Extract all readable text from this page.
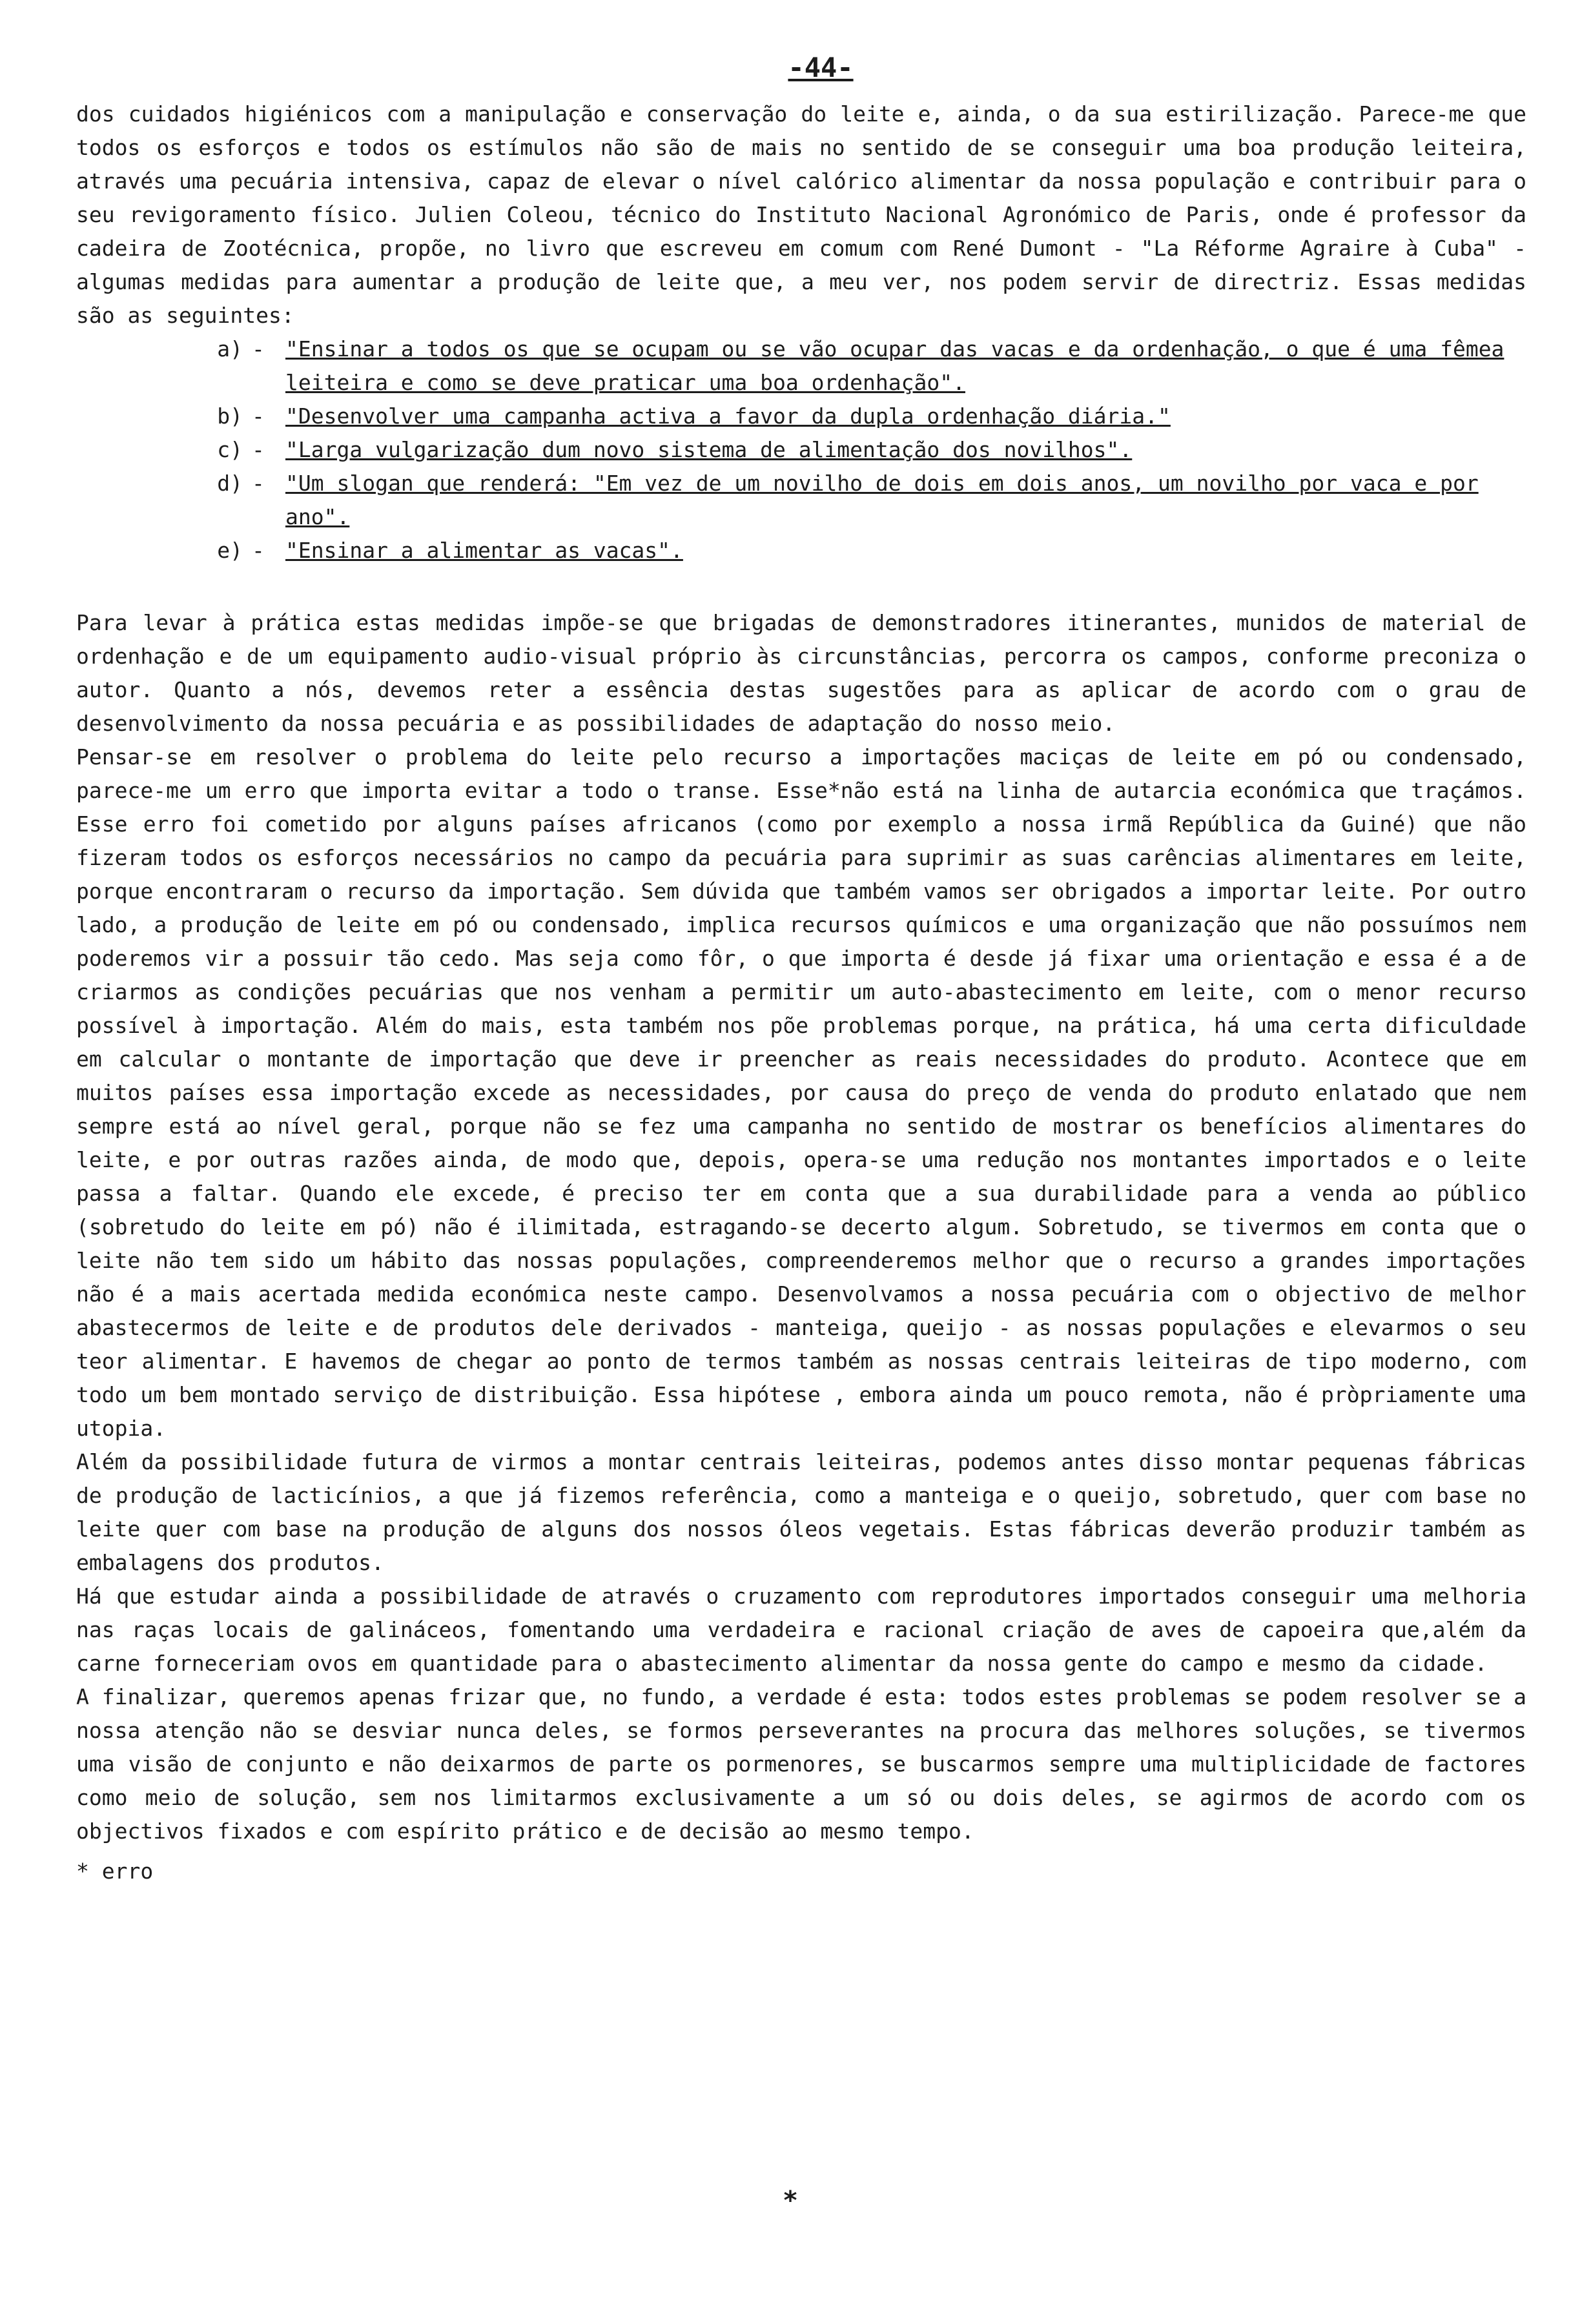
-44-

dos cuidados higiénicos com a manipulação e conservação do leite e, ainda, o da sua estirilização. Parece-me que todos os esforços e todos os estímulos não são de mais no sentido de se conseguir uma boa produção leiteira, através uma pecuária intensiva, capaz de elevar o nível calórico alimentar da nossa população e contribuir para o seu revigoramento físico. Julien Coleou, técnico do Instituto Nacional Agronómico de Paris, onde é professor da cadeira de Zootécnica, propõe, no livro que escreveu em comum com René Dumont - "La Réforme Agraire à Cuba" - algumas medidas para aumentar a produção de leite que, a meu ver, nos podem servir de directriz. Essas medidas são as seguintes:

a) - "Ensinar a todos os que se ocupam ou se vão ocupar das vacas e da ordenhação, o que é uma fêmea leiteira e como se deve praticar uma boa ordenhação".
b) - "Desenvolver uma campanha activa a favor da dupla ordenhação diária."
c) - "Larga vulgarização dum novo sistema de alimentação dos novilhos".
d) - "Um slogan que renderá: "Em vez de um novilho de dois em dois anos, um novilho por vaca e por ano".
e) - "Ensinar a alimentar as vacas".

Para levar à prática estas medidas impõe-se que brigadas de demonstradores itinerantes, munidos de material de ordenhação e de um equipamento audio-visual próprio às circunstâncias, percorra os campos, conforme preconiza o autor. Quanto a nós, devemos reter a essência destas sugestões para as aplicar de acordo com o grau de desenvolvimento da nossa pecuária e as possibilidades de adaptação do nosso meio.

Pensar-se em resolver o problema do leite pelo recurso a importações maciças de leite em pó ou condensado, parece-me um erro que importa evitar a todo o transe. Esse*não está na linha de autarcia económica que traçámos. Esse erro foi cometido por alguns países africanos (como por exemplo a nossa irmã República da Guiné) que não fizeram todos os esforços necessários no campo da pecuária para suprimir as suas carências alimentares em leite, porque encontraram o recurso da importação. Sem dúvida que também vamos ser obrigados a importar leite. Por outro lado, a produção de leite em pó ou condensado, implica recursos químicos e uma organização que não possuímos nem poderemos vir a possuir tão cedo. Mas seja como fôr, o que importa é desde já fixar uma orientação e essa é a de criarmos as condições pecuárias que nos venham a permitir um auto-abastecimento em leite, com o menor recurso possível à importação. Além do mais, esta também nos põe problemas porque, na prática, há uma certa dificuldade em calcular o montante de importação que deve ir preencher as reais necessidades do produto. Acontece que em muitos países essa importação excede as necessidades, por causa do preço de venda do produto enlatado que nem sempre está ao nível geral, porque não se fez uma campanha no sentido de mostrar os benefícios alimentares do leite, e por outras razões ainda, de modo que, depois, opera-se uma redução nos montantes importados e o leite passa a faltar. Quando ele excede, é preciso ter em conta que a sua durabilidade para a venda ao público (sobretudo do leite em pó) não é ilimitada, estragando-se decerto algum. Sobretudo, se tivermos em conta que o leite não tem sido um hábito das nossas populações, compreenderemos melhor que o recurso a grandes importações não é a mais acertada medida económica neste campo. Desenvolvamos a nossa pecuária com o objectivo de melhor abastecermos de leite e de produtos dele derivados - manteiga, queijo - as nossas populações e elevarmos o seu teor alimentar. E havemos de chegar ao ponto de termos também as nossas centrais leiteiras de tipo moderno, com todo um bem montado serviço de distribuição. Essa hipótese , embora ainda um pouco remota, não é pròpriamente uma utopia.

Além da possibilidade futura de virmos a montar centrais leiteiras, podemos antes disso montar pequenas fábricas de produção de lacticínios, a que já fizemos referência, como a manteiga e o queijo, sobretudo, quer com base no leite quer com base na produção de alguns dos nossos óleos vegetais. Estas fábricas deverão produzir também as embalagens dos produtos.

Há que estudar ainda a possibilidade de através o cruzamento com reprodutores importados conseguir uma melhoria nas raças locais de galináceos, fomentando uma verdadeira e racional criação de aves de capoeira que,além da carne forneceriam ovos em quantidade para o abastecimento alimentar da nossa gente do campo e mesmo da cidade.

A finalizar, queremos apenas frizar que, no fundo, a verdade é esta: todos estes problemas se podem resolver se a nossa atenção não se desviar nunca deles, se formos perseverantes na procura das melhores soluções, se tivermos uma visão de conjunto e não deixarmos de parte os pormenores, se buscarmos sempre uma multiplicidade de factores como meio de solução, sem nos limitarmos exclusivamente a um só ou dois deles, se agirmos de acordo com os objectivos fixados e com espírito prático e de decisão ao mesmo tempo.

* erro
*
